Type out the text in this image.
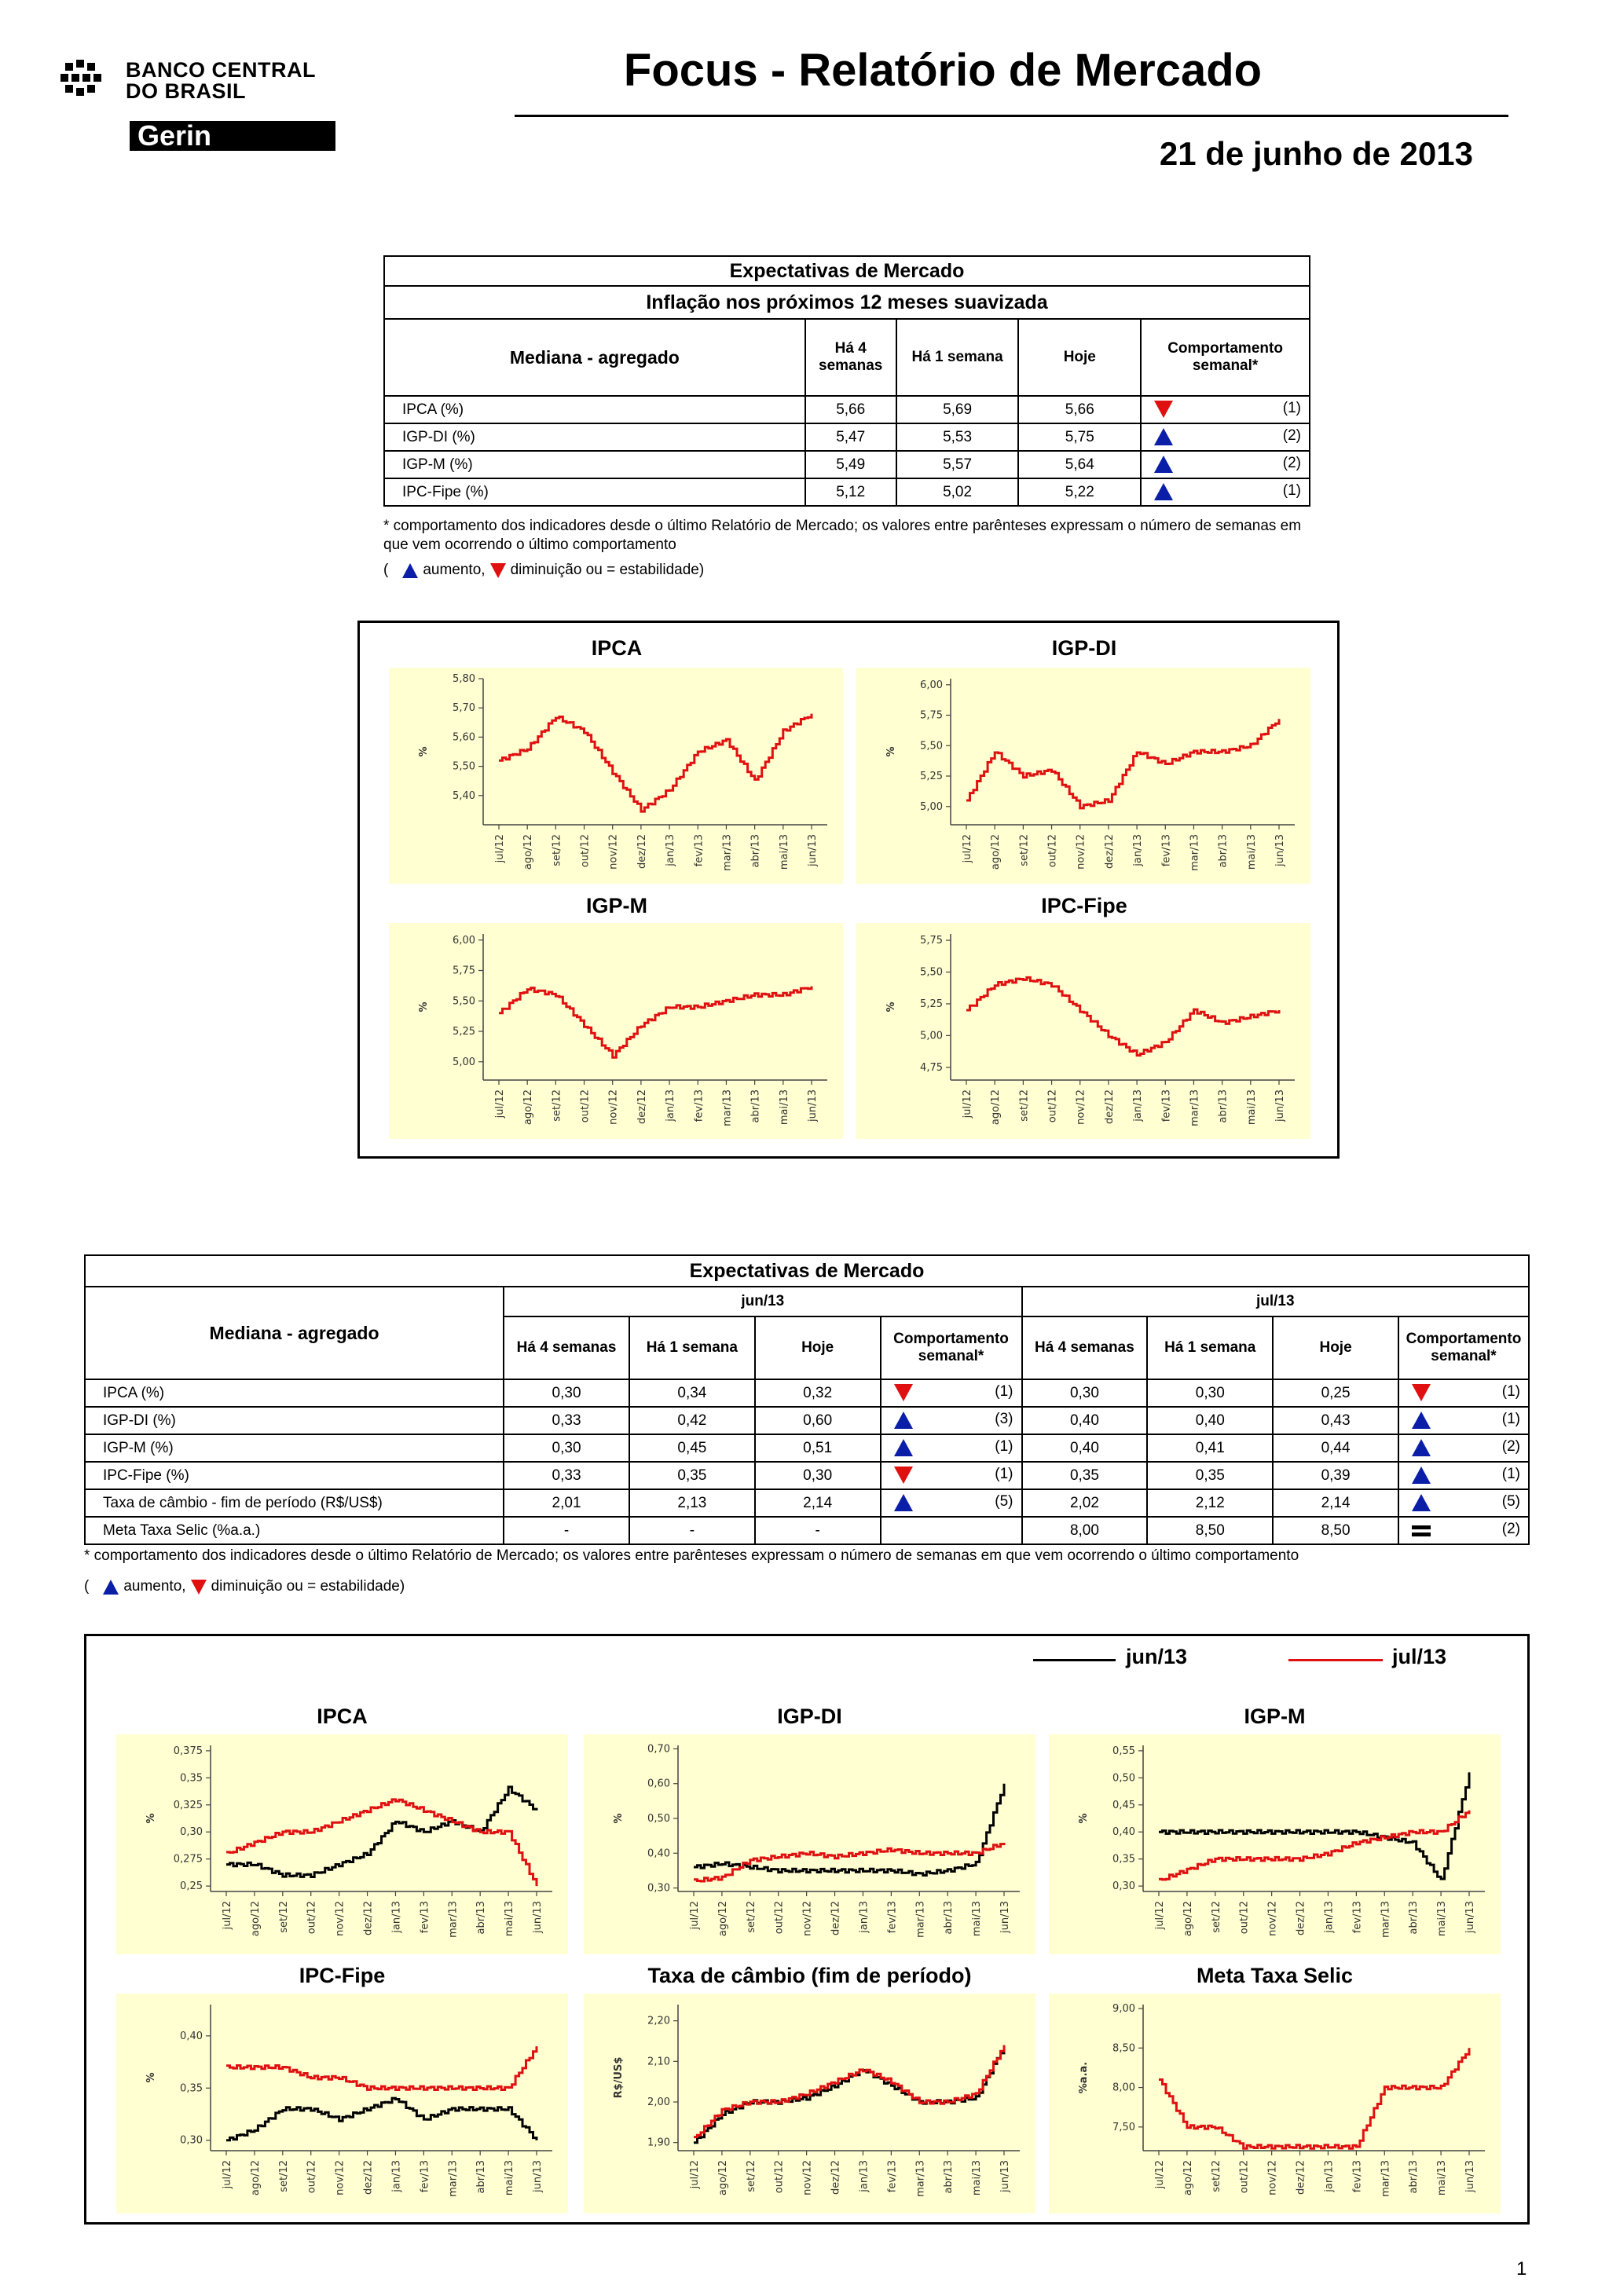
BANCO CENTRAL
DO BRASIL
Gerin
Focus - Relatório de Mercado
21 de junho de 2013
Expectativas de Mercado				
Inflação nos próximos 12 meses suavizada				
Mediana - agregado	Há 4 semanas	Há 1 semana	Hoje	Comportamento semanal*
IPCA (%)	5,66	5,69	5,66	(1)

IGP-DI (%)	5,47	5,53	5,75	(2)

IGP-M (%)	5,49	5,57	5,64	(2)

IPC-Fipe (%)	5,12	5,02	5,22	(1)
* comportamento dos indicadores desde o último Relatório de Mercado; os valores entre parênteses expressam o número de semanas em que vem ocorrendo o último comportamento
( aumento, diminuição ou = estabilidade)
IPCA	IGP-DI
IGP-M	IPC-Fipe
5,80
5,70
5,60
5,50
5,40
%
jul/12 ago/12 set/12 out/12 nov/12 dez/12 jan/13 fev/13 mar/13 abr/13 mai/13 jun/13
6,00
5,75
5,50
5,25
5,00
%
jul/12 ago/12 set/12 out/12 nov/12 dez/12 jan/13 fev/13 mar/13 abr/13 mai/13 jun/13
6,00
5,75
5,50
5,25
5,00
%
jul/12 ago/12 set/12 out/12 nov/12 dez/12 jan/13 fev/13 mar/13 abr/13 mai/13 jun/13
5,75
5,50
5,25
5,00
4,75
%
jul/12 ago/12 set/12 out/12 nov/12 dez/12 jan/13 fev/13 mar/13 abr/13 mai/13 jun/13
Expectativas de Mercado								
Mediana - agregado	jun/13				jul/13			
	Há 4 semanas	Há 1 semana	Hoje	Comportamento semanal*	Há 4 semanas	Há 1 semana	Hoje	Comportamento semanal*
IPCA (%)	0,30	0,34	0,32	(1)	0,30	0,30	0,25	(1)

IGP-DI (%)	0,33	0,42	0,60	(3)	0,40	0,40	0,43	(1)

IGP-M (%)	0,30	0,45	0,51	(1)	0,40	0,41	0,44	(2)

IPC-Fipe (%)	0,33	0,35	0,30	(1)	0,35	0,35	0,39	(1)

Taxa de câmbio - fim de período (R$/US$)	2,01	2,13	2,14	(5)	2,02	2,12	2,14	(5)

Meta Taxa Selic (%a.a.)	-	-	-		8,00	8,50	8,50	(2)
* comportamento dos indicadores desde o último Relatório de Mercado; os valores entre parênteses expressam o número de semanas em que vem ocorrendo o último comportamento
( aumento, diminuição ou = estabilidade)
jun/13	jul/13
IPCA	IGP-DI	IGP-M
IPC-Fipe	Taxa de câmbio (fim de período)	Meta Taxa Selic
0,375
0,35
0,325
0,30
0,275
0,25
%
jul/12 ago/12 set/12 out/12 nov/12 dez/12 jan/13 fev/13 mar/13 abr/13 mai/13 jun/13
0,70
0,60
0,50
0,40
0,30
%
jul/12 ago/12 set/12 out/12 nov/12 dez/12 jan/13 fev/13 mar/13 abr/13 mai/13 jun/13
0,55
0,50
0,45
0,40
0,35
0,30
%
jul/12 ago/12 set/12 out/12 nov/12 dez/12 jan/13 fev/13 mar/13 abr/13 mai/13 jun/13
0,40
0,35
0,30
%
jul/12 ago/12 set/12 out/12 nov/12 dez/12 jan/13 fev/13 mar/13 abr/13 mai/13 jun/13
2,20
2,10
2,00
1,90
R$/US$
jul/12 ago/12 set/12 out/12 nov/12 dez/12 jan/13 fev/13 mar/13 abr/13 mai/13 jun/13
9,00
8,50
8,00
7,50
%a.a.
jul/12 ago/12 set/12 out/12 nov/12 dez/12 jan/13 fev/13 mar/13 abr/13 mai/13 jun/13
1
